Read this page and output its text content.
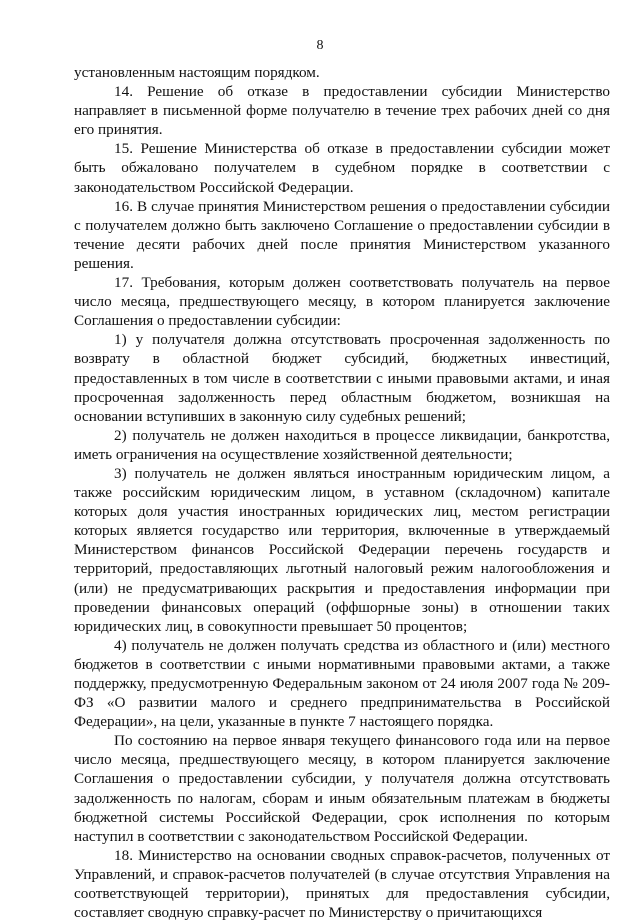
8

установленным настоящим порядком.

14. Решение об отказе в предоставлении субсидии Министерство направляет в письменной форме получателю в течение трех рабочих дней со дня его принятия.

15. Решение Министерства об отказе в предоставлении субсидии может быть обжаловано получателем в судебном порядке в соответствии с законодательством Российской Федерации.

16. В случае принятия Министерством решения о предоставлении субсидии с получателем должно быть заключено Соглашение о предоставлении субсидии в течение десяти рабочих дней после принятия Министерством указанного решения.

17. Требования, которым должен соответствовать получатель на первое число месяца, предшествующего месяцу, в котором планируется заключение Соглашения о предоставлении субсидии:

1) у получателя должна отсутствовать просроченная задолженность по возврату в областной бюджет субсидий, бюджетных инвестиций, предоставленных в том числе в соответствии с иными правовыми актами, и иная просроченная задолженность перед областным бюджетом, возникшая на основании вступивших в законную силу судебных решений;

2) получатель не должен находиться в процессе ликвидации, банкротства, иметь ограничения на осуществление хозяйственной деятельности;

3) получатель не должен являться иностранным юридическим лицом, а также российским юридическим лицом, в уставном (складочном) капитале которых доля участия иностранных юридических лиц, местом регистрации которых является государство или территория, включенные в утверждаемый Министерством финансов Российской Федерации перечень государств и территорий, предоставляющих льготный налоговый режим налогообложения и (или) не предусматривающих раскрытия и предоставления информации при проведении финансовых операций (оффшорные зоны) в отношении таких юридических лиц, в совокупности превышает 50 процентов;

4) получатель не должен получать средства из областного и (или) местного бюджетов в соответствии с иными нормативными правовыми актами, а также поддержку, предусмотренную Федеральным законом от 24 июля 2007 года № 209-ФЗ «О развитии малого и среднего предпринимательства в Российской Федерации», на цели, указанные в пункте 7 настоящего порядка.

По состоянию на первое января текущего финансового года или на первое число месяца, предшествующего месяцу, в котором планируется заключение Соглашения о предоставлении субсидии, у получателя должна отсутствовать задолженность по налогам, сборам и иным обязательным платежам в бюджеты бюджетной системы Российской Федерации, срок исполнения по которым наступил в соответствии с законодательством Российской Федерации.

18. Министерство на основании сводных справок-расчетов, полученных от Управлений, и справок-расчетов получателей (в случае отсутствия Управления на соответствующей территории), принятых для предоставления субсидии, составляет сводную справку-расчет по Министерству о причитающихся
